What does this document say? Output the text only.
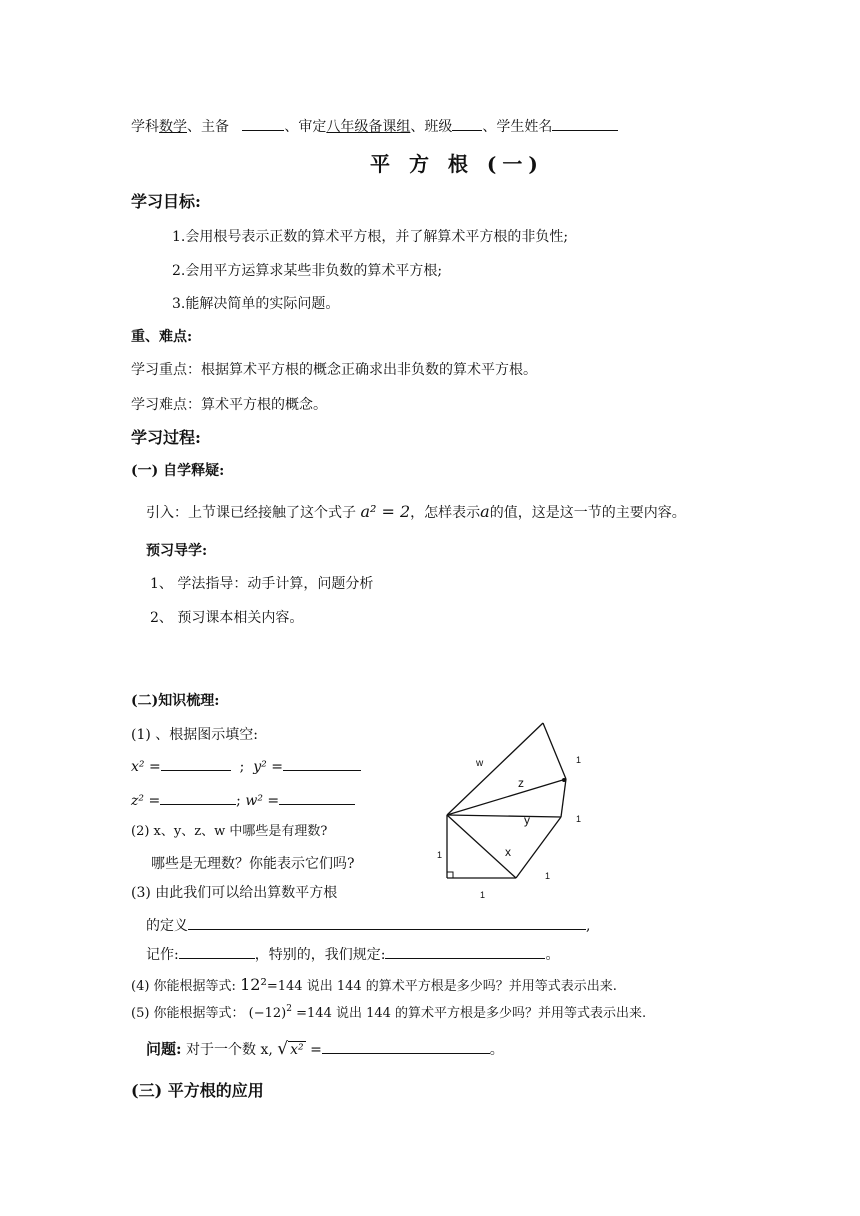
学科数学、主备	、审定八年级备课组、班级 、学生姓名
平 方 根 (一)
学习目标:
1.会用根号表示正数的算术平方根，并了解算术平方根的非负性;
2.会用平方运算求某些非负数的算术平方根;
3.能解决简单的实际问题。
重、难点:
学习重点：根据算术平方根的概念正确求出非负数的算术平方根。
学习难点：算术平方根的概念。
学习过程:
(一) 自学释疑:
引入：上节课已经接触了这个式子 a² = 2，怎样表示a的值，这是这一节的主要内容。
预习导学:
1、 学法指导：动手计算，问题分析
2、 预习课本相关内容。
(二)知识梳理:
(1) 、根据图示填空:
x² =	; y² =
z² =	; w² =
(2) x、y、z、w 中哪些是有理数?
哪些是无理数？你能表示它们吗?
(3) 由此我们可以给出算数平方根
的定义	,
记作:	，特别的，我们规定:	。
(4) 你能根据等式: 12²=144 说出 144 的算术平方根是多少吗？并用等式表示出来.
(5) 你能根据等式： $(-12)^2 =144$ 说出 144 的算术平方根是多少吗？并用等式表示出来.
问题: 对于一个数 x, √ x² =	。
(三) 平方根的应用
w
z
y
x
1
1
1
1
1
